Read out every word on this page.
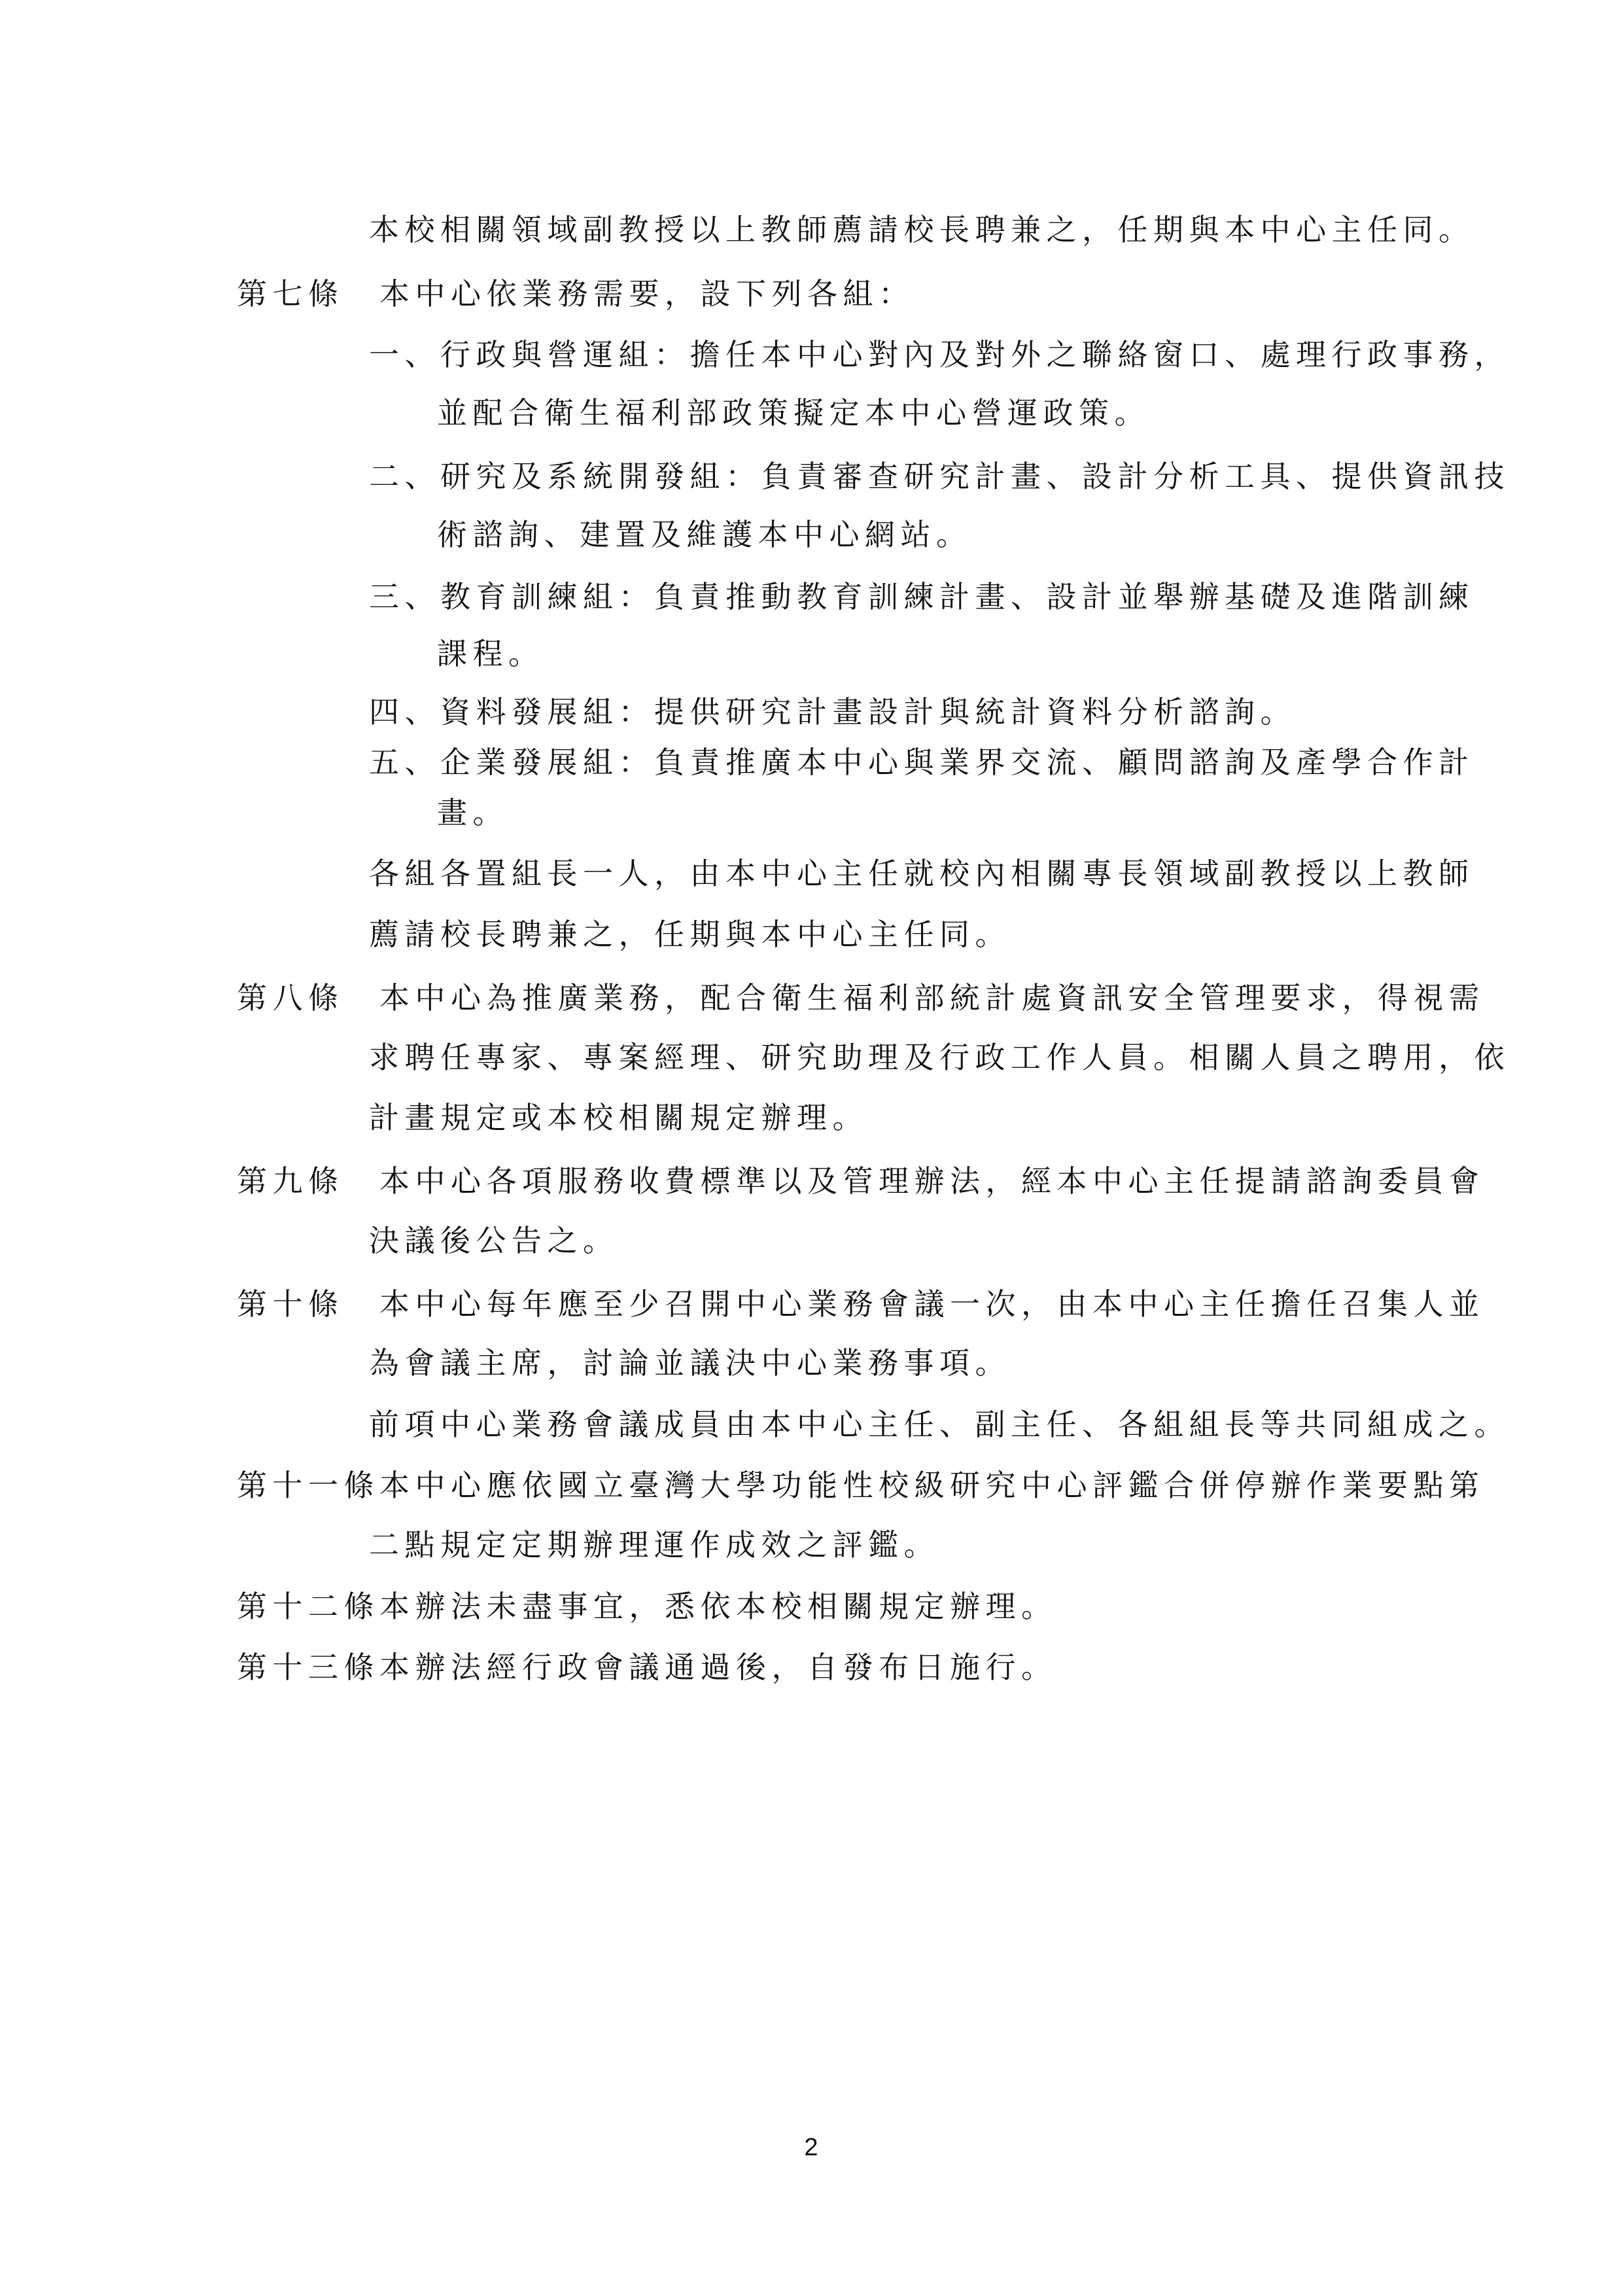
本校相關領域副教授以上教師薦請校長聘兼之，任期與本中心主任同。
第七條　本中心依業務需要，設下列各組：
一、行政與營運組：擔任本中心對內及對外之聯絡窗口、處理行政事務，
並配合衛生福利部政策擬定本中心營運政策。
二、研究及系統開發組：負責審查研究計畫、設計分析工具、提供資訊技
術諮詢、建置及維護本中心網站。
三、教育訓練組：負責推動教育訓練計畫、設計並舉辦基礎及進階訓練
課程。
四、資料發展組：提供研究計畫設計與統計資料分析諮詢。
五、企業發展組：負責推廣本中心與業界交流、顧問諮詢及產學合作計
畫。
各組各置組長一人，由本中心主任就校內相關專長領域副教授以上教師
薦請校長聘兼之，任期與本中心主任同。
第八條　本中心為推廣業務，配合衛生福利部統計處資訊安全管理要求，得視需
求聘任專家、專案經理、研究助理及行政工作人員。相關人員之聘用，依
計畫規定或本校相關規定辦理。
第九條　本中心各項服務收費標準以及管理辦法，經本中心主任提請諮詢委員會
決議後公告之。
第十條　本中心每年應至少召開中心業務會議一次，由本中心主任擔任召集人並
為會議主席，討論並議決中心業務事項。
前項中心業務會議成員由本中心主任、副主任、各組組長等共同組成之。
第十一條本中心應依國立臺灣大學功能性校級研究中心評鑑合併停辦作業要點第
二點規定定期辦理運作成效之評鑑。
第十二條本辦法未盡事宜，悉依本校相關規定辦理。
第十三條本辦法經行政會議通過後，自發布日施行。
2
